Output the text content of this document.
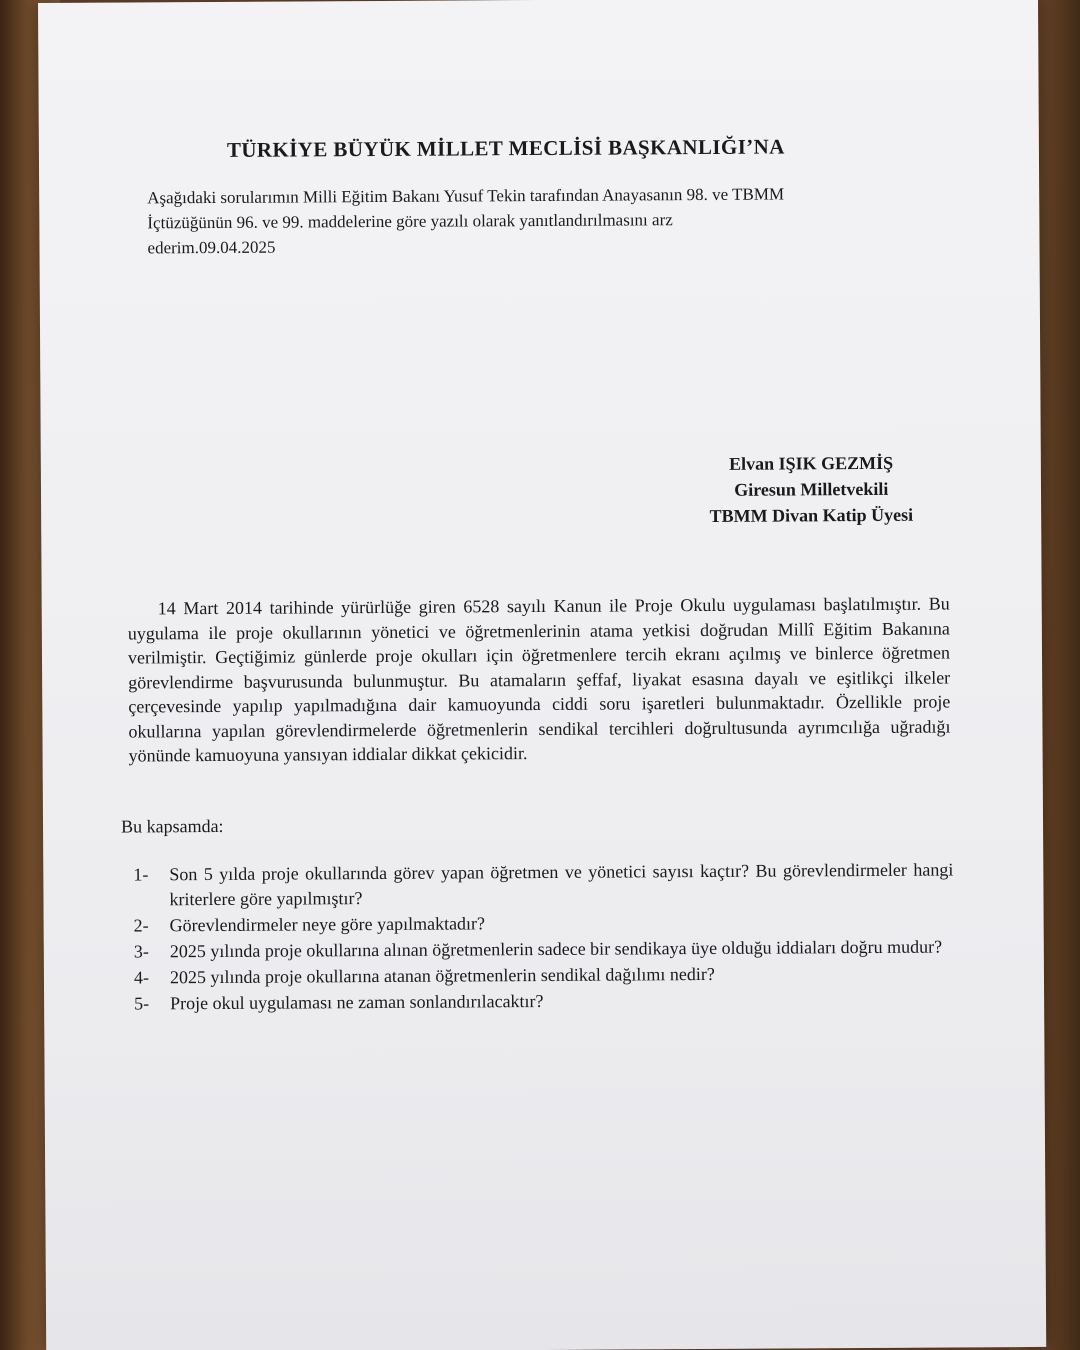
TÜRKİYE BÜYÜK MİLLET MECLİSİ BAŞKANLIĞI’NA
Aşağıdaki sorularımın Milli Eğitim Bakanı Yusuf Tekin tarafından Anayasanın 98. ve TBMM
İçtüzüğünün 96. ve 99. maddelerine göre yazılı olarak yanıtlandırılmasını arz
ederim.09.04.2025
Elvan IŞIK GEZMİŞ
Giresun Milletvekili
TBMM Divan Katip Üyesi
14 Mart 2014 tarihinde yürürlüğe giren 6528 sayılı Kanun ile Proje Okulu uygulaması başlatılmıştır. Bu uygulama ile proje okullarının yönetici ve öğretmenlerinin atama yetkisi doğrudan Millî Eğitim Bakanına verilmiştir. Geçtiğimiz günlerde proje okulları için öğretmenlere tercih ekranı açılmış ve binlerce öğretmen görevlendirme başvurusunda bulunmuştur. Bu atamaların şeffaf, liyakat esasına dayalı ve eşitlikçi ilkeler çerçevesinde yapılıp yapılmadığına dair kamuoyunda ciddi soru işaretleri bulunmaktadır. Özellikle proje okullarına yapılan görevlendirmelerde öğretmenlerin sendikal tercihleri doğrultusunda ayrımcılığa uğradığı yönünde kamuoyuna yansıyan iddialar dikkat çekicidir.
Bu kapsamda:
1- Son 5 yılda proje okullarında görev yapan öğretmen ve yönetici sayısı kaçtır? Bu görevlendirmeler hangi kriterlere göre yapılmıştır?
2- Görevlendirmeler neye göre yapılmaktadır?
3- 2025 yılında proje okullarına alınan öğretmenlerin sadece bir sendikaya üye olduğu iddiaları doğru mudur?
4- 2025 yılında proje okullarına atanan öğretmenlerin sendikal dağılımı nedir?
5- Proje okul uygulaması ne zaman sonlandırılacaktır?
